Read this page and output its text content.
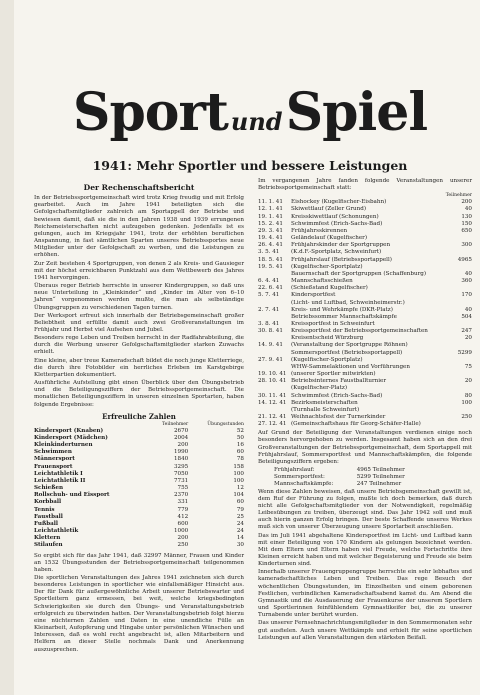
Sport undSpiel
1941: Mehr Sportler und bessere Leistungen
Der Rechenschaftsbericht

In der Betriebssportgemeinschaft wird trotz Krieg freudig und mit Erfolg gearbeitet. Auch im Jahre 1941 beteiligten sich die Gefolgschaftsmitglieder zahlreich am Sportappell der Betriebe und bewiesen damit, daß sie die in den Jahren 1938 und 1939 errungenen Reichsmeisterschaften nicht aufzugeben gedenken. Jedenfalls ist es gelungen, auch im Kriegsjahr 1941, trotz der erhöhten beruflichen Anspannung, in fast sämtlichen Sparten unseres Betriebssportes neue Mitglieder unter der Gefolgschaft zu werben, und die Leistungen zu erhöhen.

Zur Zeit bestehen 4 Sportgruppen, von denen 2 als Kreis- und Gausieger mit der höchst erreichbaren Punktzahl aus dem Wettbewerb des Jahres 1941 hervorgingen.

Überaus reger Betrieb herrschte in unserer Kindergruppen, so daß uns neue Unterteilung in „Kleinkinder“ und „Kinder im Alter von 6–10 Jahren“ vorgenommen werden mußte, die man als selbständige Übungsgruppen zu verschiedenen Tagen turnen.

Der Werksport erfreut sich innerhalb der Betriebsgemeinschaft großer Beliebtheit und erfüllte damit auch zwei Großveranstaltungen im Frühjahr und Herbst viel Aufsehen und Jubel.

Besonders rege Leben und Treiben herrscht in der Radfahrabteilung, die durch die Werbung unserer Gefolgschaftsmitglieder starken Zuwachs erhielt.

Eine kleine, aber treue Kameradschaft bildet die noch junge Kletterriege, die durch ihre Fotobilder ein herrliches Erleben im Karstgebirge Kletterpartien dokumentiert.

Ausführliche Aufstellung gibt einen Überblick über den Übungsbetrieb und die Beteiligungsziffern der Betriebssportgemeinschaft. Die monatlichen Beteiligungsziffern in unseren einzelnen Sportarten, haben folgende Ergebnisse:

Erfreuliche Zahlen
	Teilnehmer	Übungsstunden
Kindersport (Knaben)	2670	52
Kindersport (Mädchen)	2004	50
Kleinkinderturnen	200	16
Schwimmen	1990	60
Männersport	1840	78
Frauensport	3295	158
Leichtathletik I	7050	100
Leichtathletik II	7731	100
Schießen	755	12
Rollschuh- und Eissport	2370	104
Korbball	331	60
Tennis	779	79
Faustball	412	25
Fußball	600	24
Leichtathletik	1000	24
Klettern	200	14
Stilaufen	250	30

So ergibt sich für das Jahr 1941, daß 32997 Männer, Frauen und Kinder an 1532 Übungsstunden der Betriebssportgemeinschaft teilgenommen haben.

Die sportlichen Veranstaltungen des Jahres 1941 zeichneten sich durch besonderes Leistungen in sportlicher wie einfallsmäßiger Hinsicht aus. Der für Dank für außergewöhnliche Arbeit unserer Betriebswarter und Sportleitern ganz ermessen, bei weit, welche kriegsbedingten Schwierigkeiten sie durch den Übungs- und Veranstaltungsbetrieb erfolgreich zu überwinden hatten. Der Veranstaltungsbetrieb folgt hierzu eine nüchternen Zahlen und Daten in eine unendliche Fülle an Kleinarbeit, Aufopferung und Hingabe unter persönlichen Wünschen und Interessen, daß es wohl recht angebracht ist, allen Mitarbeitern und Helfern an dieser Stelle nochmals Dank und Anerkennung auszusprechen.

Im vergangenen Jahre fanden folgende Veranstaltungen unserer Betriebssportgemeinschaft statt:

		Teilnehmer
11. 1. 41	Eishockey (Kugelfischer-Eisbahn)	200
12. 1. 41	Skiwettlauf (Zeller Grund)	40
19. 1. 41	Kreisskiwettlauf (Schonungen)	130
15. 2. 41	Schwimmfest (Erich-Sachs-Bad)	150
29. 3. 41	Frühjahrsskirennen	650
19. 4. 41	Geländelauf (Kugelfischer)	
26. 4. 41	Frühjahrskinder der Sportgruppen	300
3. 5. 41	(K.d.F.-Sportplatz, Schweinfurt)	
18. 5. 41	Frühjahrslauf (Betriebssportappell)	4965
19. 5. 41	(Kugelfischer-Sportplatz)	
	Bauernschaft der Sportgruppen (Schaffenburg)	40
6. 4. 41	Mannschaftsschießen	360
22. 6. 41	(Schießstand Kugelfischer)	
5. 7. 41	Kindersportfest	170
	(Licht- und Luftbad, Schweinheimerstr.)	
2. 7. 41	Kreis- und Wehrkämpfe (DKR-Platz)	40
	Betriebssommer Mannschaftskämpfe	504
3. 8. 41	Kreissportfest in Schweinfurt	
30. 8. 41	Kreissportfest der Betriebssportgemeinschaften	247
	Kreisentscheid Würzburg	20
14. 9. 41	(Veranstaltung der Sportgruppe Röhnen)	
	Sommersportfest (Betriebssportappell)	5299
27. 9. 41	(Kugelfischer-Sportplatz)	
	WHW-Sammelaktionen und Vorführungen	75
19. 10. 41	(unserer Sportler mitwirkten)	
28. 10. 41	Betriebsinternes Faustballturnier	20
	(Kugelfischer-Platz)	
30. 11. 41	Schwimmfest (Erich-Sachs-Bad)	80
14. 12. 41	Bezirksmeisterschaften	100
	(Turnhalle Schweinfurt)	
21. 12. 41	Weihnachtsfest der Turnerkinder	250
27. 12. 41	(Gemeinschaftshaus für Georg-Schäfer-Halle)	

Auf Grund der Beteiligung der Veranstaltungen verdienen einige noch besonders hervorgehoben zu werden. Insgesamt haben sich an den drei Großveranstaltungen der Betriebssportgemeinschaft, dem Sportappell mit Frühjahrslauf, Sommersportfest und Mannschaftskämpfen, die folgende Beteiligungsziffern ergeben:

Frühjahrslauf:	4965 Teilnehmer
Sommersportfest:	5299 Teilnehmer
Mannschaftskämpfe:	247 Teilnehmer

Wenn diese Zahlen beweisen, daß unsere Betriebsgemeinschaft gewillt ist, dem Ruf der Führung zu folgen, mußte ich doch bemerken, daß durch nicht alle Gefolgschaftsmitglieder von der Notwendigkeit, regelmäßig Leibesübungen zu treiben, überzeugt sind. Das Jahr 1942 soll und muß auch hierin ganzen Erfolg bringen. Der beste Schaffende unseres Werkes muß sich von unserer Überzeugung unsere Sportarbeit anschließen.

Das im Juli 1941 abgehaltene Kindersportfest im Licht- und Luftbad kann mit einer Beteiligung von 170 Kindern als gelungen bezeichnet werden. Mit dem Eltern und Eltern haben viel Freude, welche Fortschritte ihre Kleinen erreicht haben und mit welcher Begeisterung und Freude sie beim Kinderturnen sind.

Innerhalb unserer Frauengruppengruppe herrschte ein sehr lebhaftes und kameradschaftliches Leben und Treiben. Das rege Besuch der wöchentlichen Übungsstunden, im Einzelheiten und einem geborenen Festlichen, verbindlichen Kameradschaftsabend kamst du. Am Abend die Gymnastik und die Ausdauerung der Frauenkurse der unserem Sportlern und Sportlerinnen feinfühlendem Gymnastikeifer bei, die zu unserer Turnabende unter berührt wurden.

Das unserer Fernsehnachrichtungsmitglieder in den Sommermonaten sehr gut ausfielen. Auch unsere Wettkämpfe und erhielt für seine sportlichen Leistungen auf allen Veranstaltungen den stärksten Beifall.
